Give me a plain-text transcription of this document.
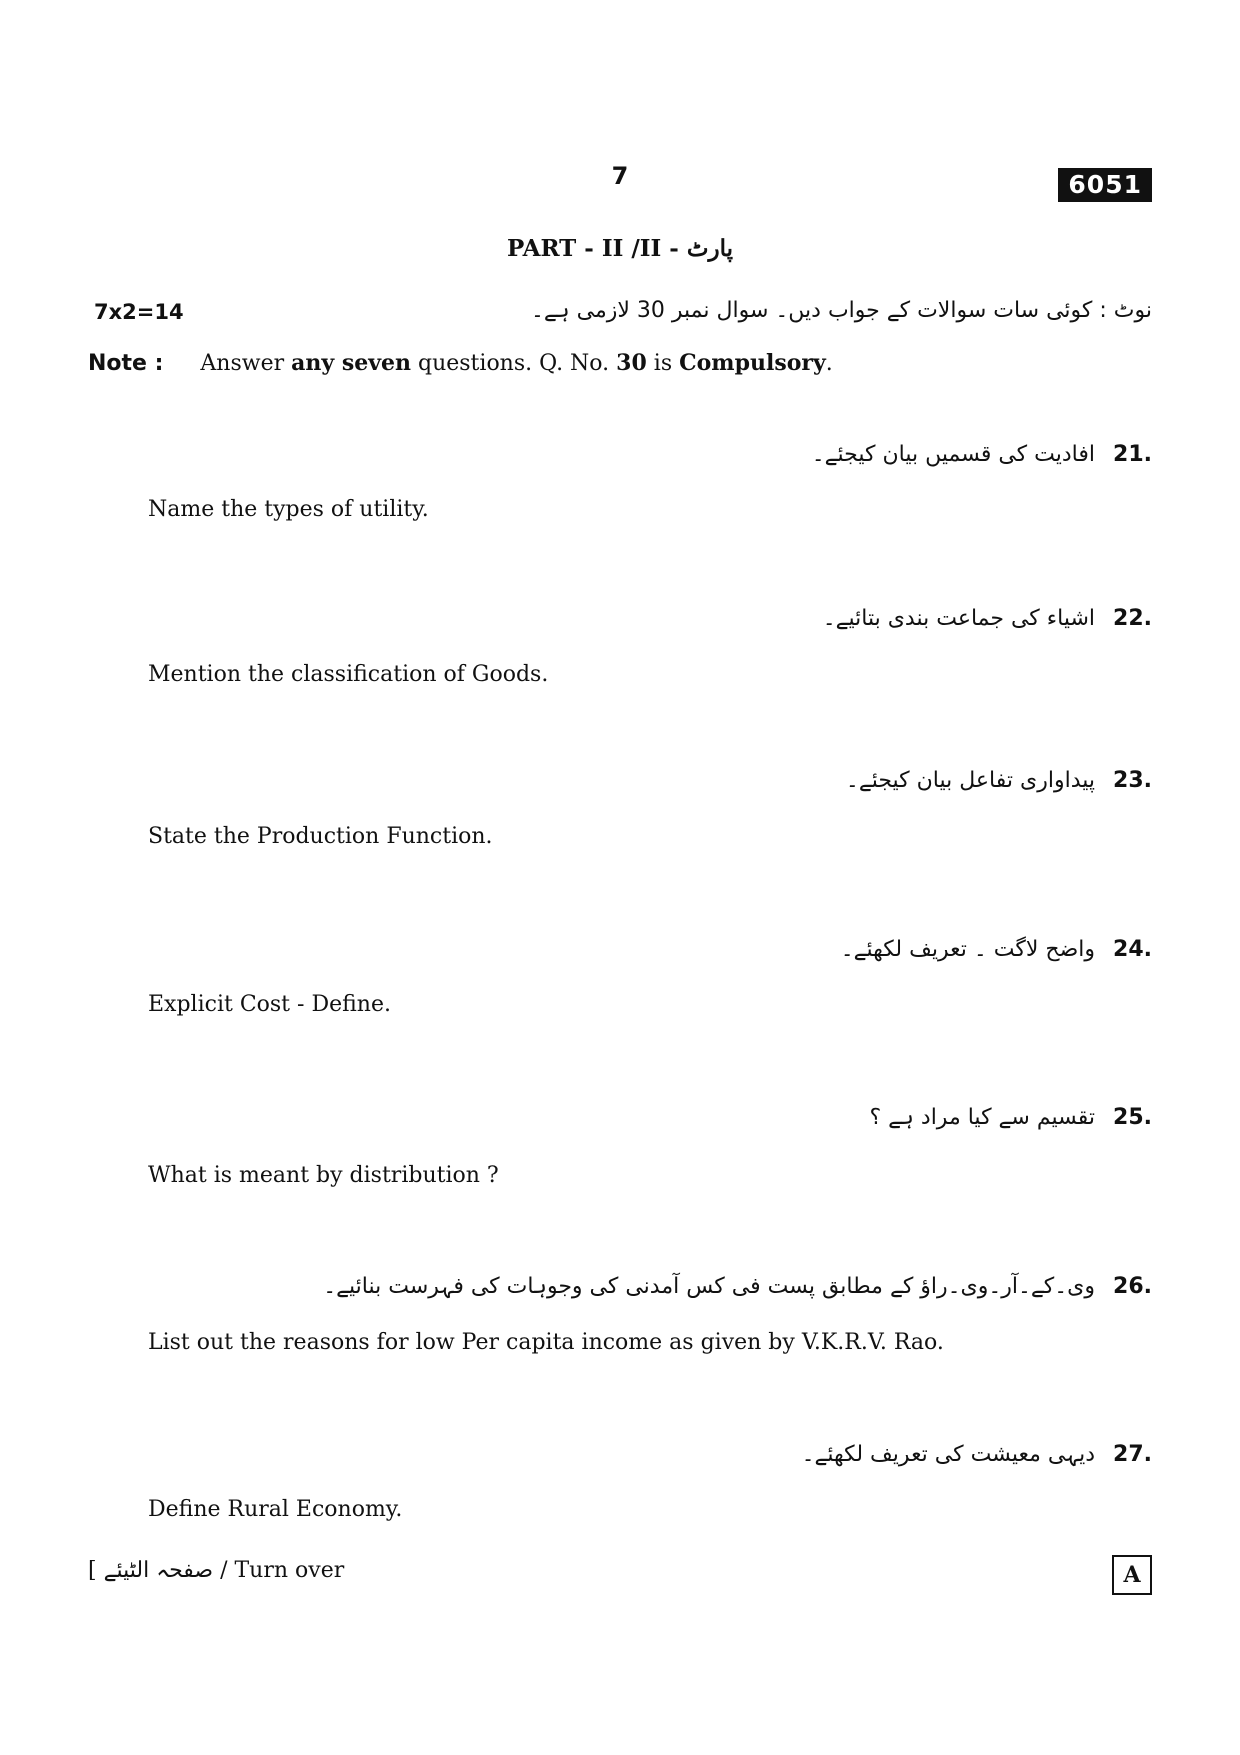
7	6051
PART - II /II - پارٹ
7x2=14	نوٹ : کوئی سات سوالات کے جواب دیں۔ سوال نمبر 30 لازمی ہے۔
Note : Answer any seven questions. Q. No. 30 is Compulsory.
21.
افادیت کی قسمیں بیان کیجئے۔
Name the types of utility.
22.
اشیاء کی جماعت بندی بتائیے۔
Mention the classification of Goods.
23.
پیداواری تفاعل بیان کیجئے۔
State the Production Function.
24.
واضح لاگت ۔ تعریف لکھئے۔
Explicit Cost - Define.
25.
تقسیم سے کیا مراد ہے ؟
What is meant by distribution ?
26.
وی۔کے۔آر۔وی۔راؤ کے مطابق پست فی کس آمدنی کی وجوہات کی فہرست بنائیے۔
List out the reasons for low Per capita income as given by V.K.R.V. Rao.
27.
دیہی معیشت کی تعریف لکھئے۔
Define Rural Economy.
[ صفحہ الٹیئے / Turn over	A
